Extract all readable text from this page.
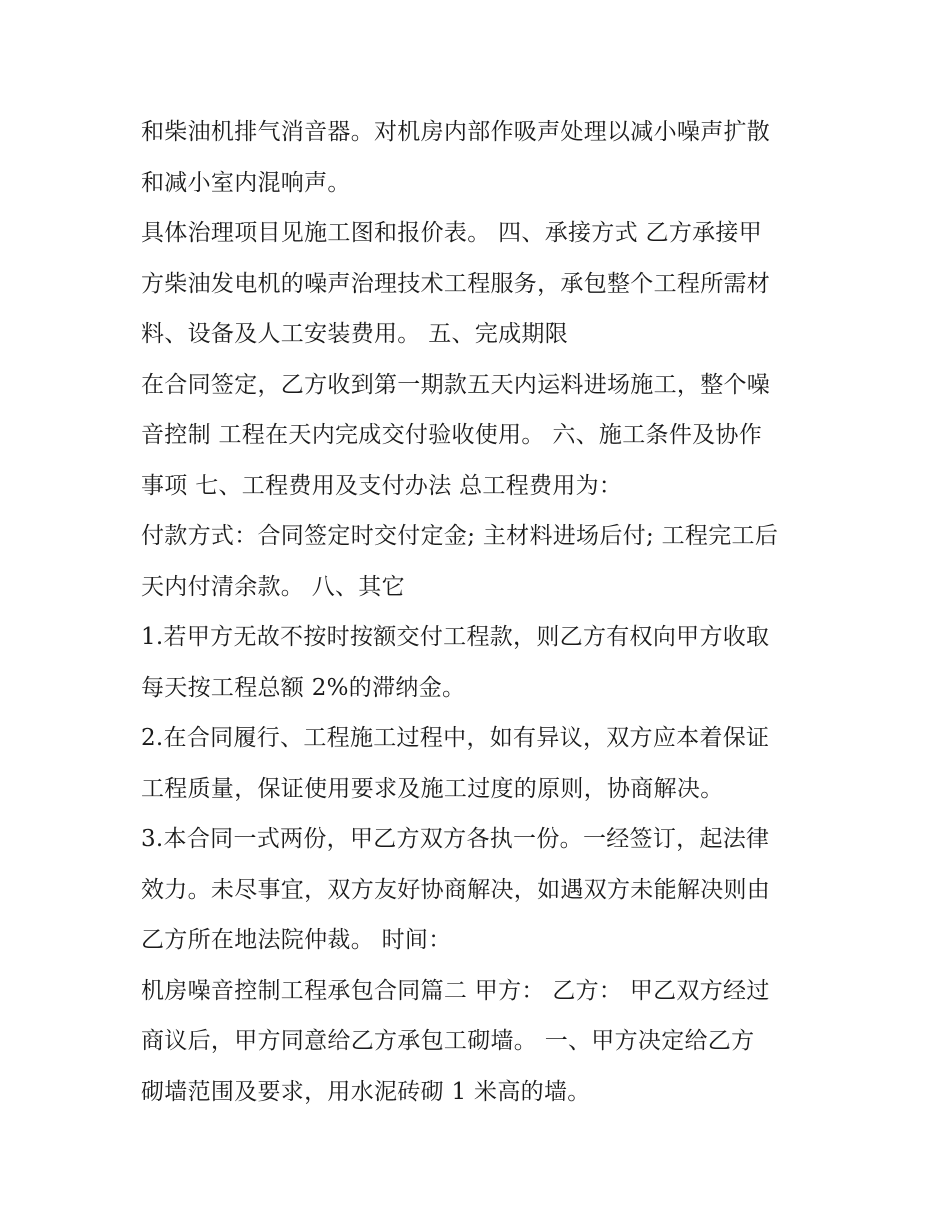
和柴油机排气消音器。对机房内部作吸声处理以减小噪声扩散
和减小室内混响声。
具体治理项目见施工图和报价表。 四、承接方式 乙方承接甲
方柴油发电机的噪声治理技术工程服务，承包整个工程所需材
料、设备及人工安装费用。 五、完成期限
在合同签定，乙方收到第一期款五天内运料进场施工，整个噪
音控制 工程在天内完成交付验收使用。 六、施工条件及协作
事项 七、工程费用及支付办法 总工程费用为：
付款方式：合同签定时交付定金; 主材料进场后付; 工程完工后
天内付清余款。 八、其它
1.若甲方无故不按时按额交付工程款，则乙方有权向甲方收取
每天按工程总额 2%的滞纳金。
2.在合同履行、工程施工过程中，如有异议，双方应本着保证
工程质量，保证使用要求及施工过度的原则，协商解决。
3.本合同一式两份，甲乙方双方各执一份。一经签订，起法律
效力。未尽事宜，双方友好协商解决，如遇双方未能解决则由
乙方所在地法院仲裁。 时间：
机房噪音控制工程承包合同篇二 甲方： 乙方： 甲乙双方经过
商议后，甲方同意给乙方承包工砌墙。 一、甲方决定给乙方
砌墙范围及要求，用水泥砖砌 1 米高的墙。
